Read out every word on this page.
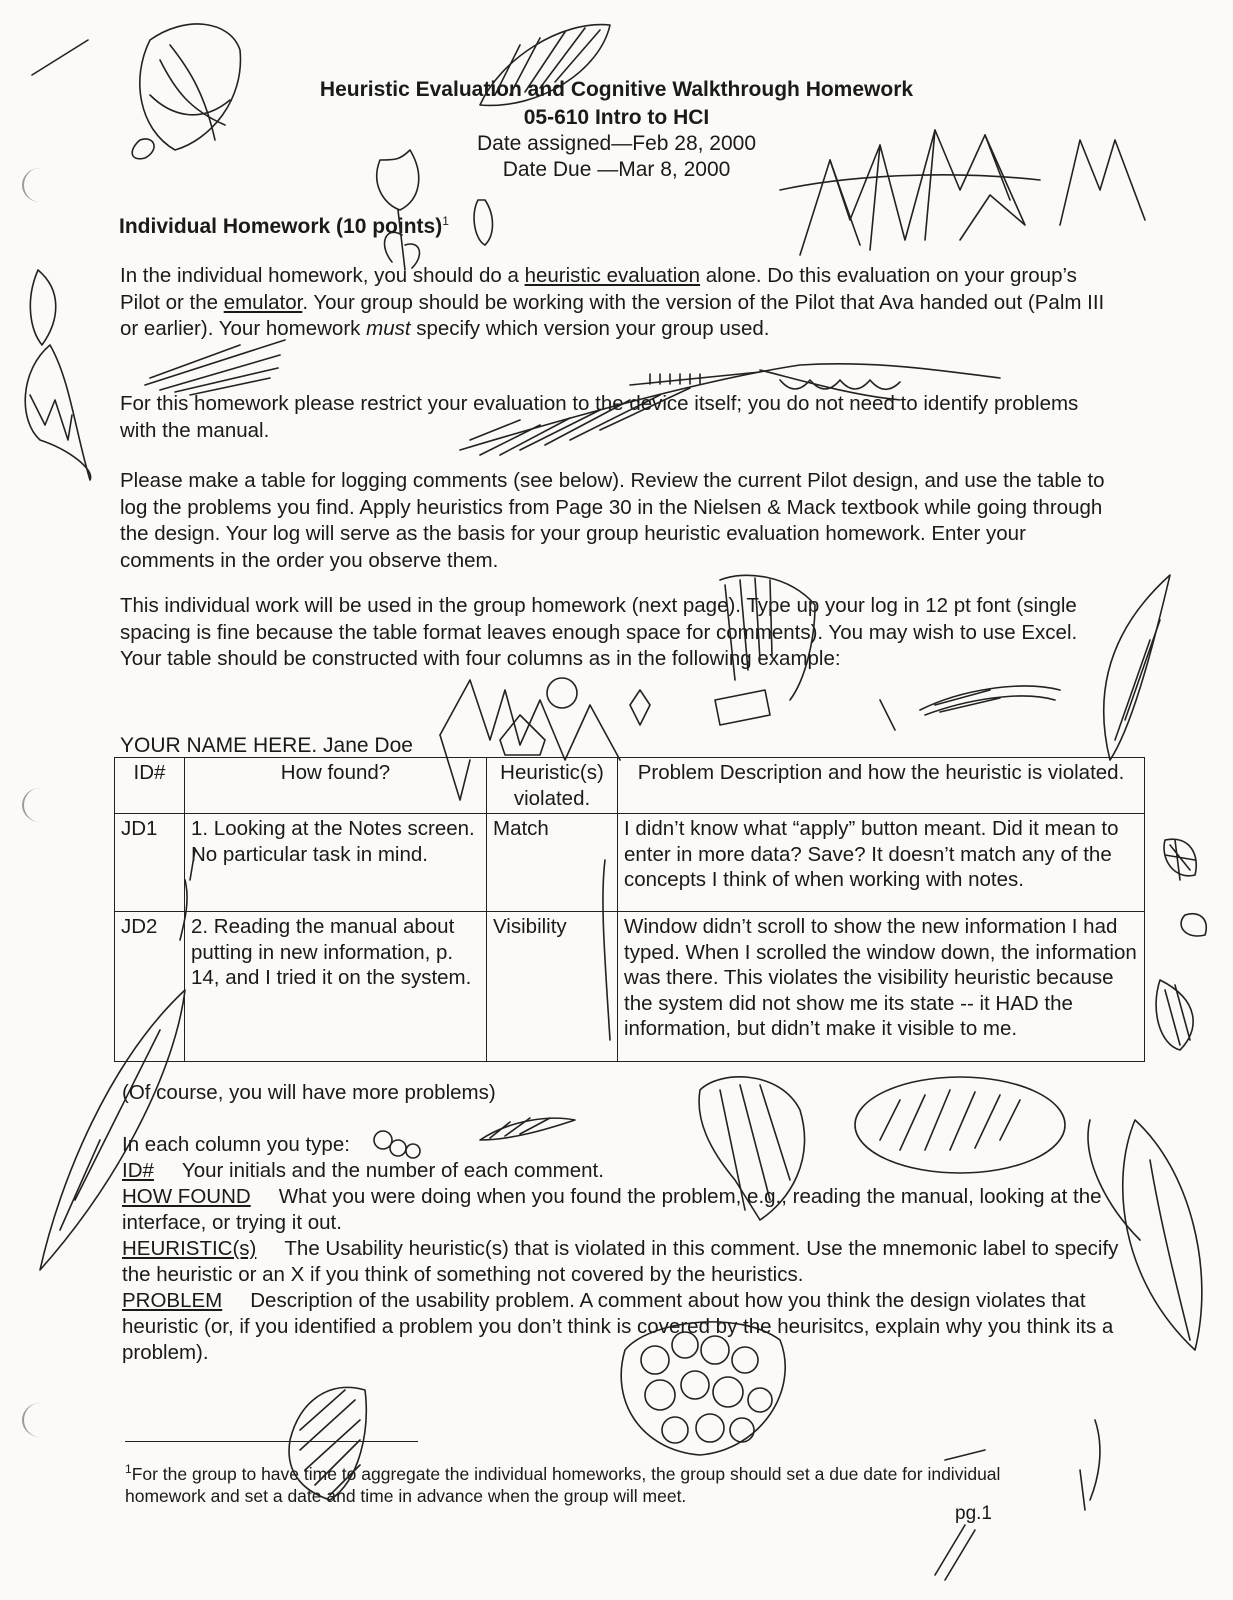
Heuristic Evaluation and Cognitive Walkthrough Homework
05-610 Intro to HCI
Date assigned—Feb 28, 2000
Date Due —Mar 8, 2000
Individual Homework (10 points)$^1$

In the individual homework, you should do a heuristic evaluation alone. Do this evaluation on your group’s Pilot or the emulator. Your group should be working with the version of the Pilot that Ava handed out (Palm III or earlier). Your homework must specify which version your group used.

For this homework please restrict your evaluation to the device itself; you do not need to identify problems with the manual.

Please make a table for logging comments (see below). Review the current Pilot design, and use the table to log the problems you find. Apply heuristics from Page 30 in the Nielsen & Mack textbook while going through the design. Your log will serve as the basis for your group heuristic evaluation homework. Enter your comments in the order you observe them.

This individual work will be used in the group homework (next page). Type up your log in 12 pt font (single spacing is fine because the table format leaves enough space for comments). You may wish to use Excel. Your table should be constructed with four columns as in the following example:

YOUR NAME HERE. Jane Doe
ID#	How found?	Heuristic(s) violated.	Problem Description and how the heuristic is violated.
JD1	1. Looking at the Notes screen. No particular task in mind.	Match	I didn’t know what “apply” button meant. Did it mean to enter in more data? Save? It doesn’t match any of the concepts I think of when working with notes.
JD2	2. Reading the manual about putting in new information, p. 14, and I tried it on the system.	Visibility	Window didn’t scroll to show the new information I had typed. When I scrolled the window down, the information was there. This violates the visibility heuristic because the system did not show me its state -- it HAD the information, but didn’t make it visible to me.
(Of course, you will have more problems)

In each column you type:

ID# Your initials and the number of each comment.

HOW FOUND What you were doing when you found the problem, e.g., reading the manual, looking at the interface, or trying it out.

HEURISTIC(s) The Usability heuristic(s) that is violated in this comment. Use the mnemonic label to specify the heuristic or an X if you think of something not covered by the heuristics.

PROBLEM Description of the usability problem. A comment about how you think the design violates that heuristic (or, if you identified a problem you don’t think is covered by the heurisitcs, explain why you think its a problem).

$^1$For the group to have time to aggregate the individual homeworks, the group should set a due date for individual homework and set a date and time in advance when the group will meet.

pg.1
